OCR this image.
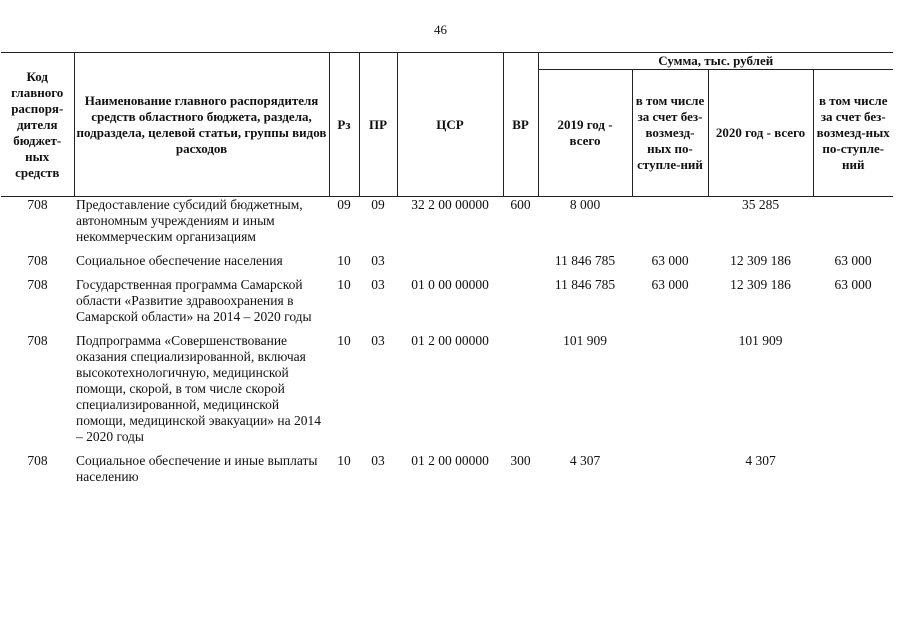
46
Код главного распоря-дителя бюджет-ных средств	Наименование главного распорядителя средств областного бюджета, раздела, подраздела, целевой статьи, группы видов расходов	Рз	ПР	ЦСР	ВР	Сумма, тыс. рублей			
						2019 год - всего	в том числе за счет без-возмезд-ных по-ступле-ний	2020 год - всего	в том числе за счет без-возмезд-ных по-ступле-ний
708	Предоставление субсидий бюджетным, автономным учреждениям и иным некоммерческим организациям	09	09	32 2 00 00000	600	8 000		35 285	

708	Социальное обеспечение населения	10	03			11 846 785	63 000	12 309 186	63 000

708	Государственная программа Самарской области «Развитие здравоохранения в Самарской области» на 2014 – 2020 годы	10	03	01 0 00 00000		11 846 785	63 000	12 309 186	63 000

708	Подпрограмма «Совершенствование оказания специализированной, включая высокотехнологичную, медицинской помощи, скорой, в том числе скорой специализированной, медицинской помощи, медицинской эвакуации» на 2014 – 2020 годы	10	03	01 2 00 00000		101 909		101 909	

708	Социальное обеспечение и иные выплаты населению	10	03	01 2 00 00000	300	4 307		4 307	
